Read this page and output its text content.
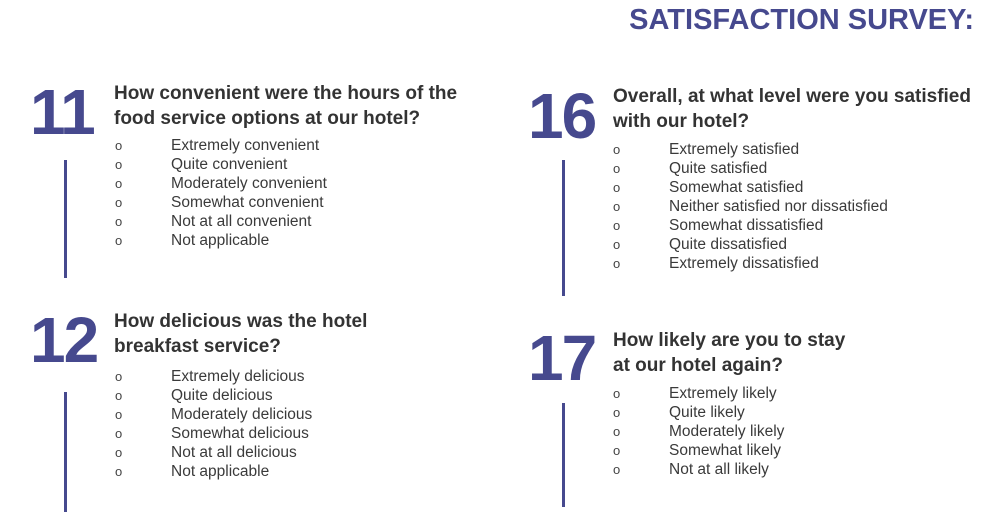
SATISFACTION SURVEY:
11 How convenient were the hours of the
food service options at our hotel?
o	Extremely convenient
o	Quite convenient
o	Moderately convenient
o	Somewhat convenient
o	Not at all convenient
o	Not applicable
12 How delicious was the hotel
breakfast service?
o	Extremely delicious
o	Quite delicious
o	Moderately delicious
o	Somewhat delicious
o	Not at all delicious
o	Not applicable
16 Overall, at what level were you satisfied
with our hotel?
o	Extremely satisfied
o	Quite satisfied
o	Somewhat satisfied
o	Neither satisfied nor dissatisfied
o	Somewhat dissatisfied
o	Quite dissatisfied
o	Extremely dissatisfied
17 How likely are you to stay
at our hotel again?
o	Extremely likely
o	Quite likely
o	Moderately likely
o	Somewhat likely
o	Not at all likely
